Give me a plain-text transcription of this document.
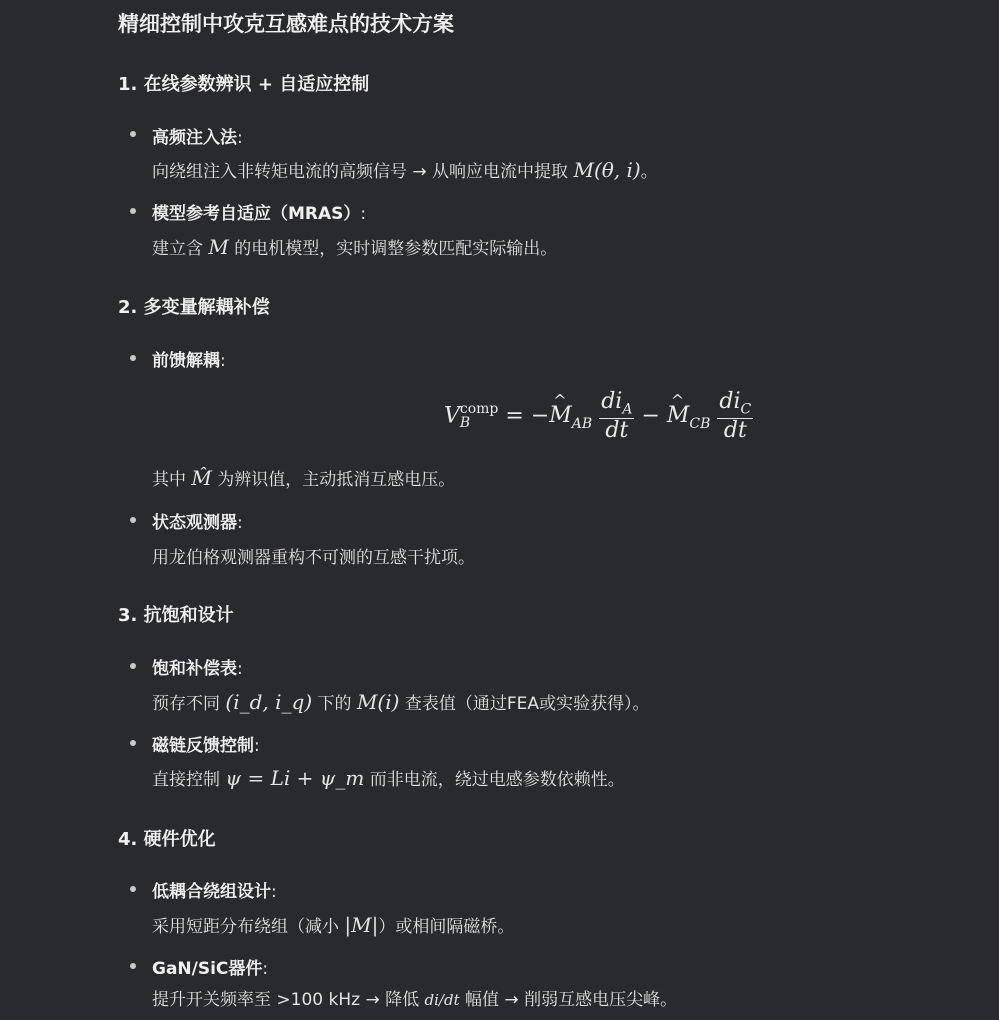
精细控制中攻克互感难点的技术方案
1. 在线参数辨识 + 自适应控制
高频注入法:
向绕组注入非转矩电流的高频信号 → 从响应电流中提取 M(θ, i)。
模型参考自适应（MRAS）:
建立含 M 的电机模型，实时调整参数匹配实际输出。
2. 多变量解耦补偿
前馈解耦:
V comp
B	= −^ $M_{AB} \frac{di_A}{dt}$ − ^ $M_{CB} \frac{di_C}{dt}$
其中 M̂ 为辨识值，主动抵消互感电压。
状态观测器:
用龙伯格观测器重构不可测的互感干扰项。
3. 抗饱和设计
饱和补偿表:
预存不同 (i_d, i_q) 下的 M(i) 查表值（通过FEA或实验获得）。
磁链反馈控制:
直接控制 ψ = Li + ψ_m 而非电流，绕过电感参数依赖性。
4. 硬件优化
低耦合绕组设计:
采用短距分布绕组（减小 |M|）或相间隔磁桥。
GaN/SiC器件:
提升开关频率至 >100 kHz → 降低 di/dt 幅值 → 削弱互感电压尖峰。
